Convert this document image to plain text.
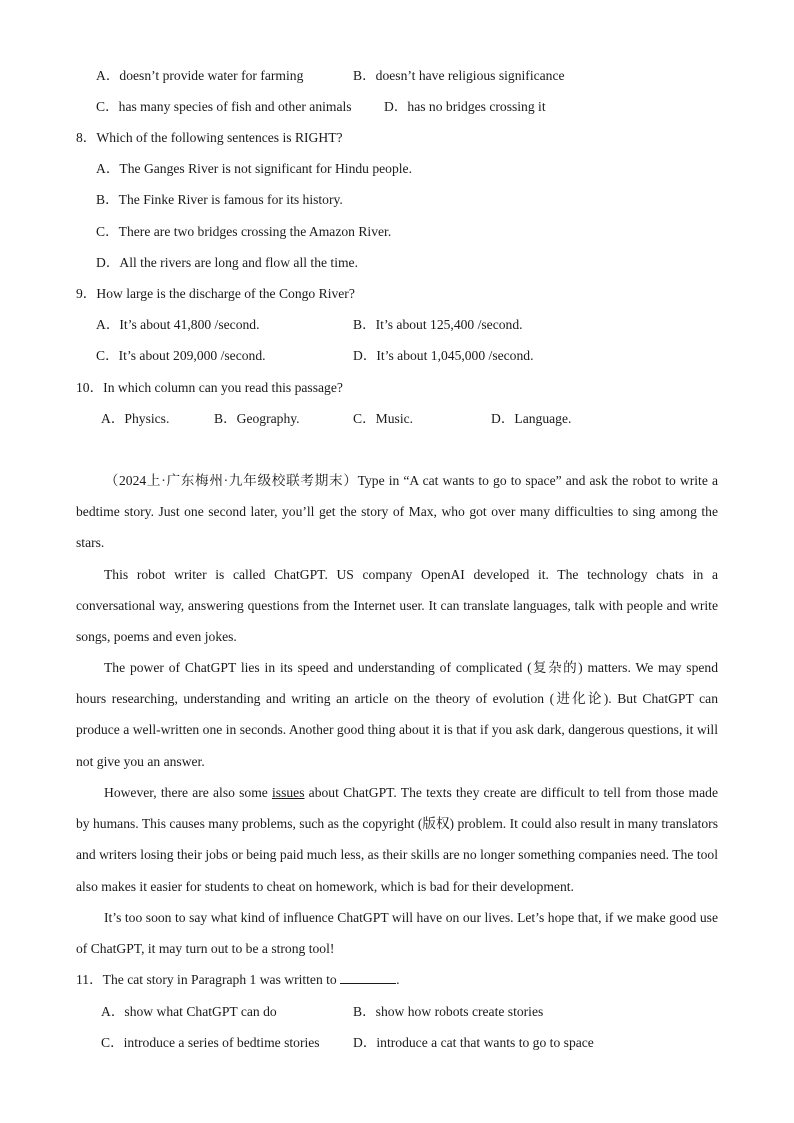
A．doesn’t provide water for farming	B．doesn’t have religious significance
C．has many species of fish and other animals D．has no bridges crossing it
8．Which of the following sentences is RIGHT?
A．The Ganges River is not significant for Hindu people.
B．The Finke River is famous for its history.
C．There are two bridges crossing the Amazon River.
D．All the rivers are long and flow all the time.
9．How large is the discharge of the Congo River?
A．It’s about 41,800 /second.	B．It’s about 125,400 /second.
C．It’s about 209,000 /second.	D．It’s about 1,045,000 /second.
10．In which column can you read this passage?
A．Physics.	B．Geography.	C．Music.	D．Language.
（2024上·广东梅州·九年级校联考期末）Type in “A cat wants to go to space” and ask the robot to write a bedtime story. Just one second later, you’ll get the story of Max, who got over many difficulties to sing among the stars.
This robot writer is called ChatGPT. US company OpenAI developed it. The technology chats in a conversational way, answering questions from the Internet user. It can translate languages, talk with people and write songs, poems and even jokes.
The power of ChatGPT lies in its speed and understanding of complicated (复杂的) matters. We may spend hours researching, understanding and writing an article on the theory of evolution (进化论). But ChatGPT can produce a well-written one in seconds. Another good thing about it is that if you ask dark, dangerous questions, it will not give you an answer.
However, there are also some issues about ChatGPT. The texts they create are difficult to tell from those made by humans. This causes many problems, such as the copyright (版权) problem. It could also result in many translators and writers losing their jobs or being paid much less, as their skills are no longer something companies need. The tool also makes it easier for students to cheat on homework, which is bad for their development.
It’s too soon to say what kind of influence ChatGPT will have on our lives. Let’s hope that, if we make good use of ChatGPT, it may turn out to be a strong tool!
11．The cat story in Paragraph 1 was written to	.
A．show what ChatGPT can do	B．show how robots create stories
C．introduce a series of bedtime stories D．introduce a cat that wants to go to space
